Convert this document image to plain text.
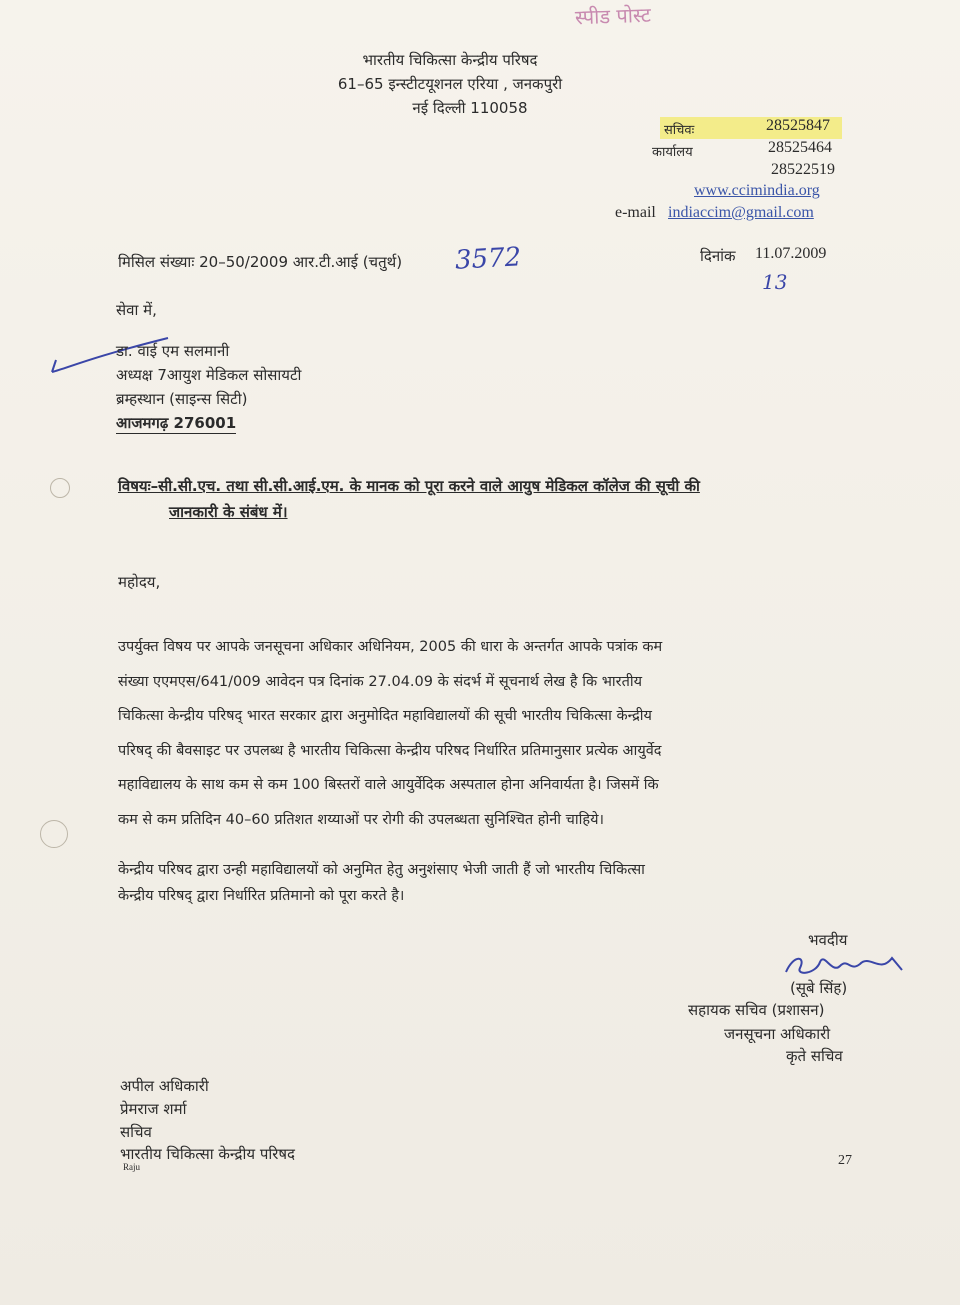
स्पीड पोस्ट
भारतीय चिकित्सा केन्द्रीय परिषद
61–65 इन्स्टीटयूशनल एरिया , जनकपुरी
नई दिल्ली 110058
सचिवः	28525847
कार्यालय	28525464
28522519
www.ccimindia.org
e-mail indiaccim@gmail.com
मिसिल संख्याः 20–50/2009 आर.टी.आई (चतुर्थ) 3572	दिनांक 11.07.2009
13
सेवा में,
डा. वाई एम सलमानी
अध्यक्ष 7आयुश मेडिकल सोसायटी
ब्रम्हस्थान (साइन्स सिटी)
आजमगढ़ 276001
विषयः–सी.सी.एच. तथा सी.सी.आई.एम. के मानक को पूरा करने वाले आयुष मेडिकल कॉलेज की सूची की
जानकारी के संबंध में।
महोदय,
उपर्युक्त विषय पर आपके जनसूचना अधिकार अधिनियम, 2005 की धारा के अन्तर्गत आपके पत्रांक कम
संख्या एएमएस/641/009 आवेदन पत्र दिनांक 27.04.09 के संदर्भ में सूचनार्थ लेख है कि भारतीय
चिकित्सा केन्द्रीय परिषद् भारत सरकार द्वारा अनुमोदित महाविद्यालयों की सूची भारतीय चिकित्सा केन्द्रीय
परिषद् की बैवसाइट पर उपलब्ध है भारतीय चिकित्सा केन्द्रीय परिषद निर्धारित प्रतिमानुसार प्रत्येक आयुर्वेद
महाविद्यालय के साथ कम से कम 100 बिस्तरों वाले आयुर्वेदिक अस्पताल होना अनिवार्यता है। जिसमें कि
कम से कम प्रतिदिन 40–60 प्रतिशत शय्याओं पर रोगी की उपलब्धता सुनिश्चित होनी चाहिये।
केन्द्रीय परिषद द्वारा उन्ही महाविद्यालयों को अनुमित हेतु अनुशंसाए भेजी जाती हैं जो भारतीय चिकित्सा
केन्द्रीय परिषद् द्वारा निर्धारित प्रतिमानो को पूरा करते है।
भवदीय
(सूबे सिंह)
सहायक सचिव (प्रशासन)
जनसूचना अधिकारी
कृते सचिव
अपील अधिकारी
प्रेमराज शर्मा
सचिव
भारतीय चिकित्सा केन्द्रीय परिषद
Raju	27
